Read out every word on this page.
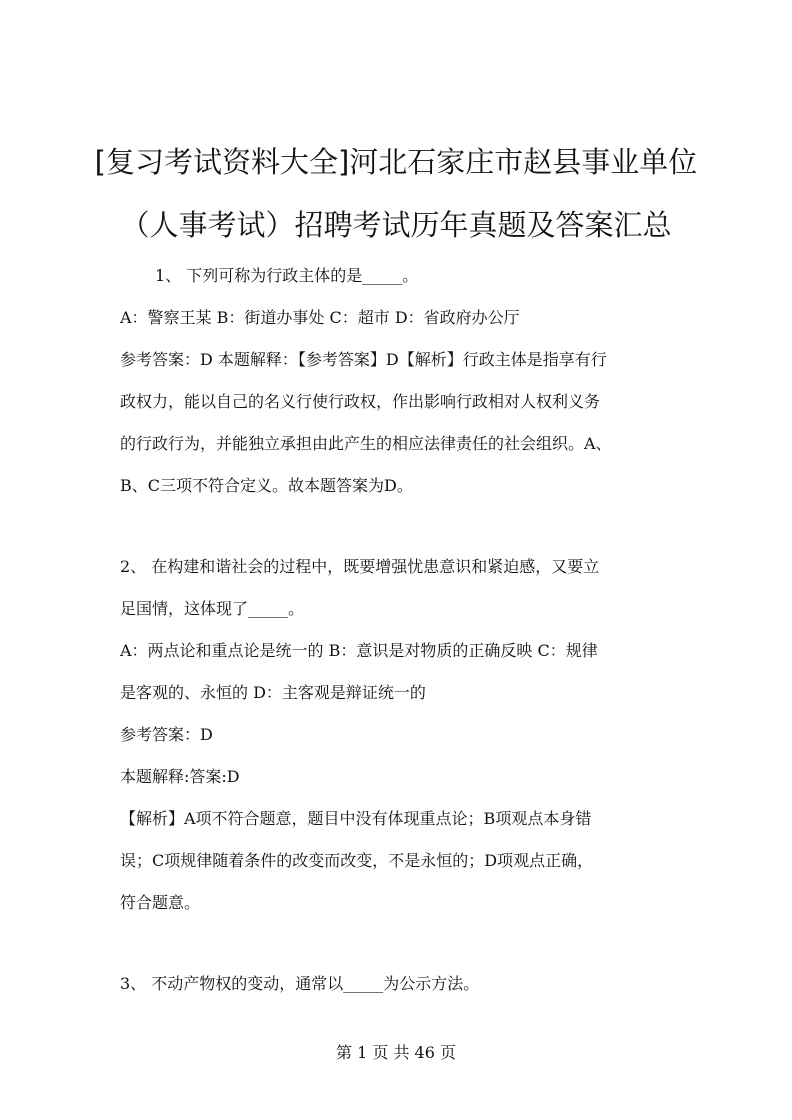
[复习考试资料大全]河北石家庄市赵县事业单位
（人事考试）招聘考试历年真题及答案汇总
1、 下列可称为行政主体的是_____。
A：警察王某 B：街道办事处 C：超市 D：省政府办公厅
参考答案：D 本题解释：【参考答案】D【解析】行政主体是指享有行
政权力，能以自己的名义行使行政权，作出影响行政相对人权利义务
的行政行为，并能独立承担由此产生的相应法律责任的社会组织。A、
B、C三项不符合定义。故本题答案为D。
2、 在构建和谐社会的过程中，既要增强忧患意识和紧迫感，又要立
足国情，这体现了_____。
A：两点论和重点论是统一的 B：意识是对物质的正确反映 C：规律
是客观的、永恒的 D：主客观是辩证统一的
参考答案：D
本题解释:答案:D
【解析】A项不符合题意，题目中没有体现重点论；B项观点本身错
误；C项规律随着条件的改变而改变，不是永恒的；D项观点正确，
符合题意。
3、 不动产物权的变动，通常以_____为公示方法。
第 1 页 共 46 页
